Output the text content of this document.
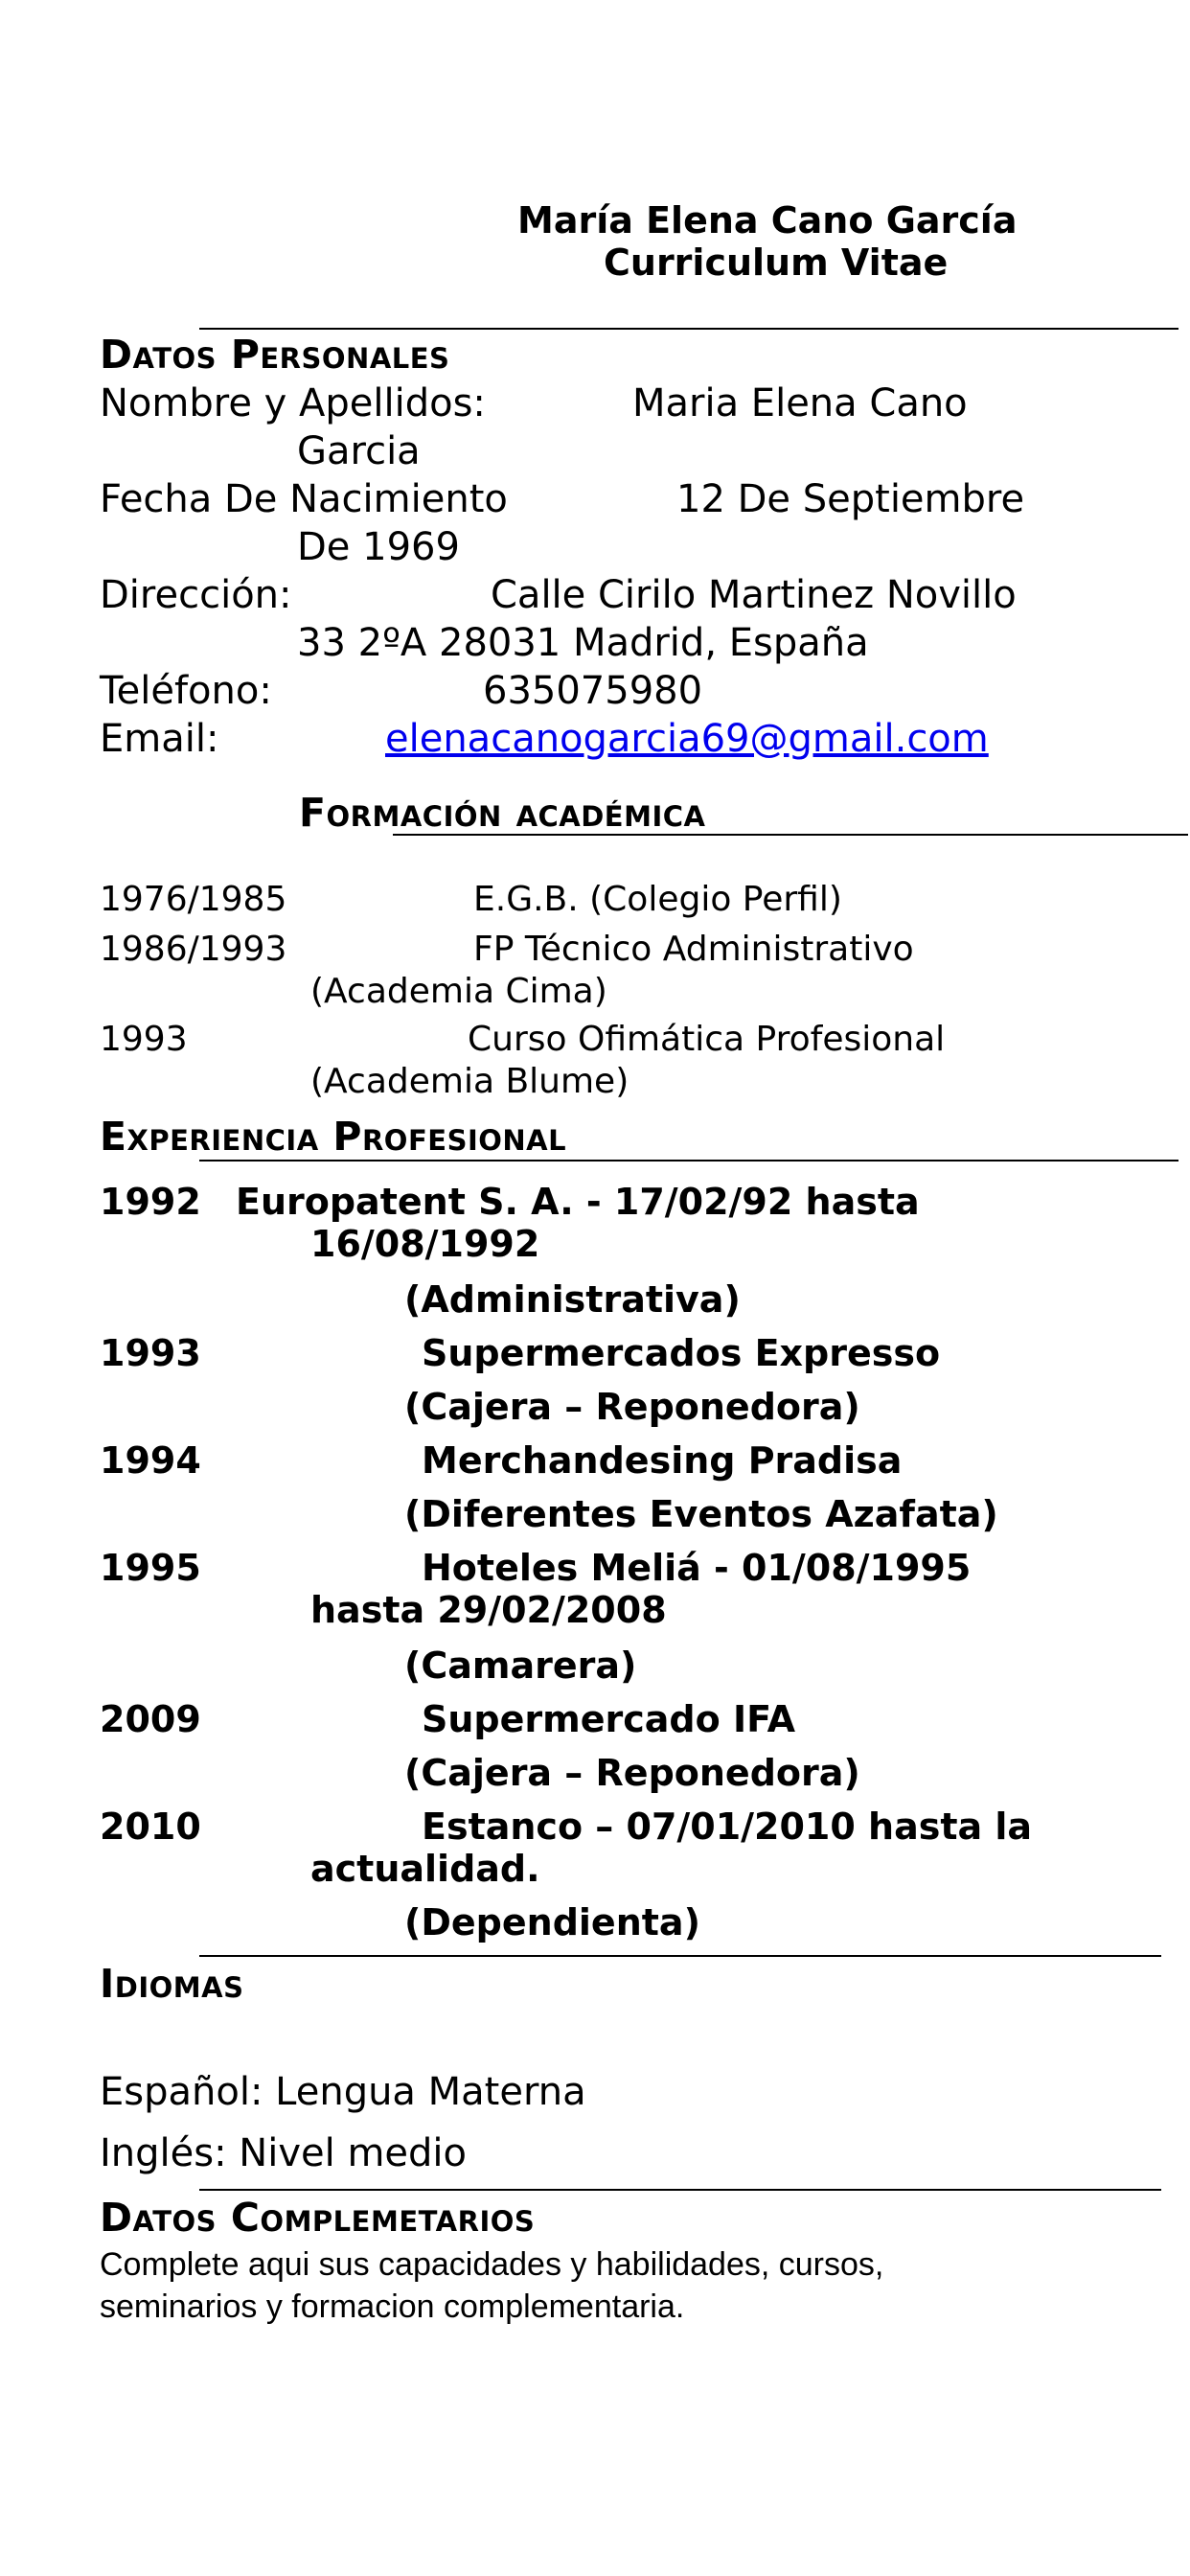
María Elena Cano García
Curriculum Vitae
Datos Personales
Nombre y Apellidos:	Maria Elena Cano
Garcia
Fecha De Nacimiento	12 De Septiembre
De 1969
Dirección:	Calle Cirilo Martinez Novillo
33 2ºA 28031 Madrid, España
Teléfono:	635075980
Email:	elenacanogarcia69@gmail.com
Formación académica
1976/1985	E.G.B. (Colegio Perfil)
1986/1993	FP Técnico Administrativo
(Academia Cima)
1993	Curso Ofimática Profesional
(Academia Blume)
Experiencia Profesional
1992 Europatent S. A. - 17/02/92 hasta
16/08/1992
(Administrativa)
1993	Supermercados Expresso
(Cajera – Reponedora)
1994	Merchandesing Pradisa
(Diferentes Eventos Azafata)
1995	Hoteles Meliá - 01/08/1995
hasta 29/02/2008
(Camarera)
2009	Supermercado IFA
(Cajera – Reponedora)
2010	Estanco – 07/01/2010 hasta la
actualidad.
(Dependienta)
Idiomas
Español: Lengua Materna
Inglés: Nivel medio
Datos Complemetarios
Complete aqui sus capacidades y habilidades, cursos,
seminarios y formacion complementaria.
